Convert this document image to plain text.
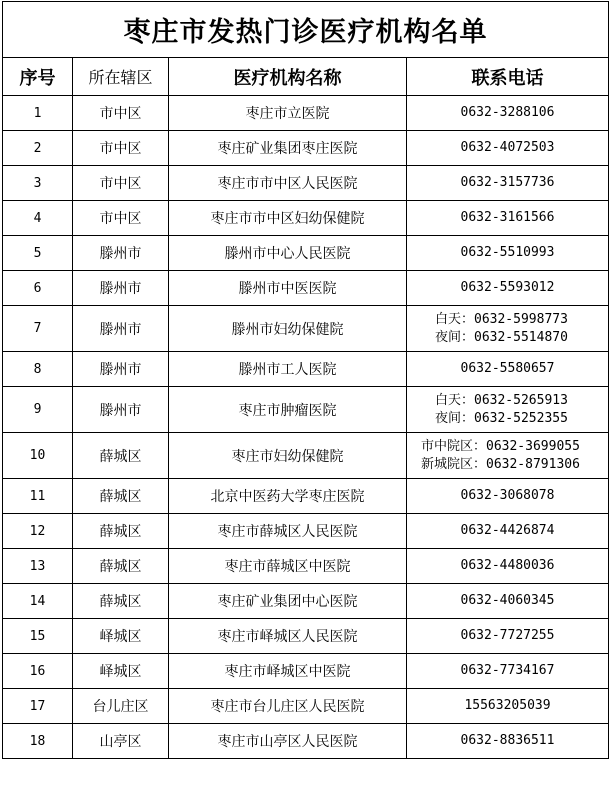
枣庄市发热门诊医疗机构名单			
序号	所在辖区	医疗机构名称	联系电话
1	市中区	枣庄市立医院	0632-3288106

2	市中区	枣庄矿业集团枣庄医院	0632-4072503

3	市中区	枣庄市市中区人民医院	0632-3157736

4	市中区	枣庄市市中区妇幼保健院	0632-3161566

5	滕州市	滕州市中心人民医院	0632-5510993

6	滕州市	滕州市中医医院	0632-5593012

7	滕州市	滕州市妇幼保健院	白天：0632-5998773
夜间：0632-5514870

8	滕州市	滕州市工人医院	0632-5580657

9	滕州市	枣庄市肿瘤医院	白天：0632-5265913
夜间：0632-5252355

10	薛城区	枣庄市妇幼保健院	市中院区：0632-3699055
新城院区：0632-8791306

11	薛城区	北京中医药大学枣庄医院	0632-3068078

12	薛城区	枣庄市薛城区人民医院	0632-4426874

13	薛城区	枣庄市薛城区中医院	0632-4480036

14	薛城区	枣庄矿业集团中心医院	0632-4060345

15	峄城区	枣庄市峄城区人民医院	0632-7727255

16	峄城区	枣庄市峄城区中医院	0632-7734167

17	台儿庄区	枣庄市台儿庄区人民医院	15563205039

18	山亭区	枣庄市山亭区人民医院	0632-8836511
